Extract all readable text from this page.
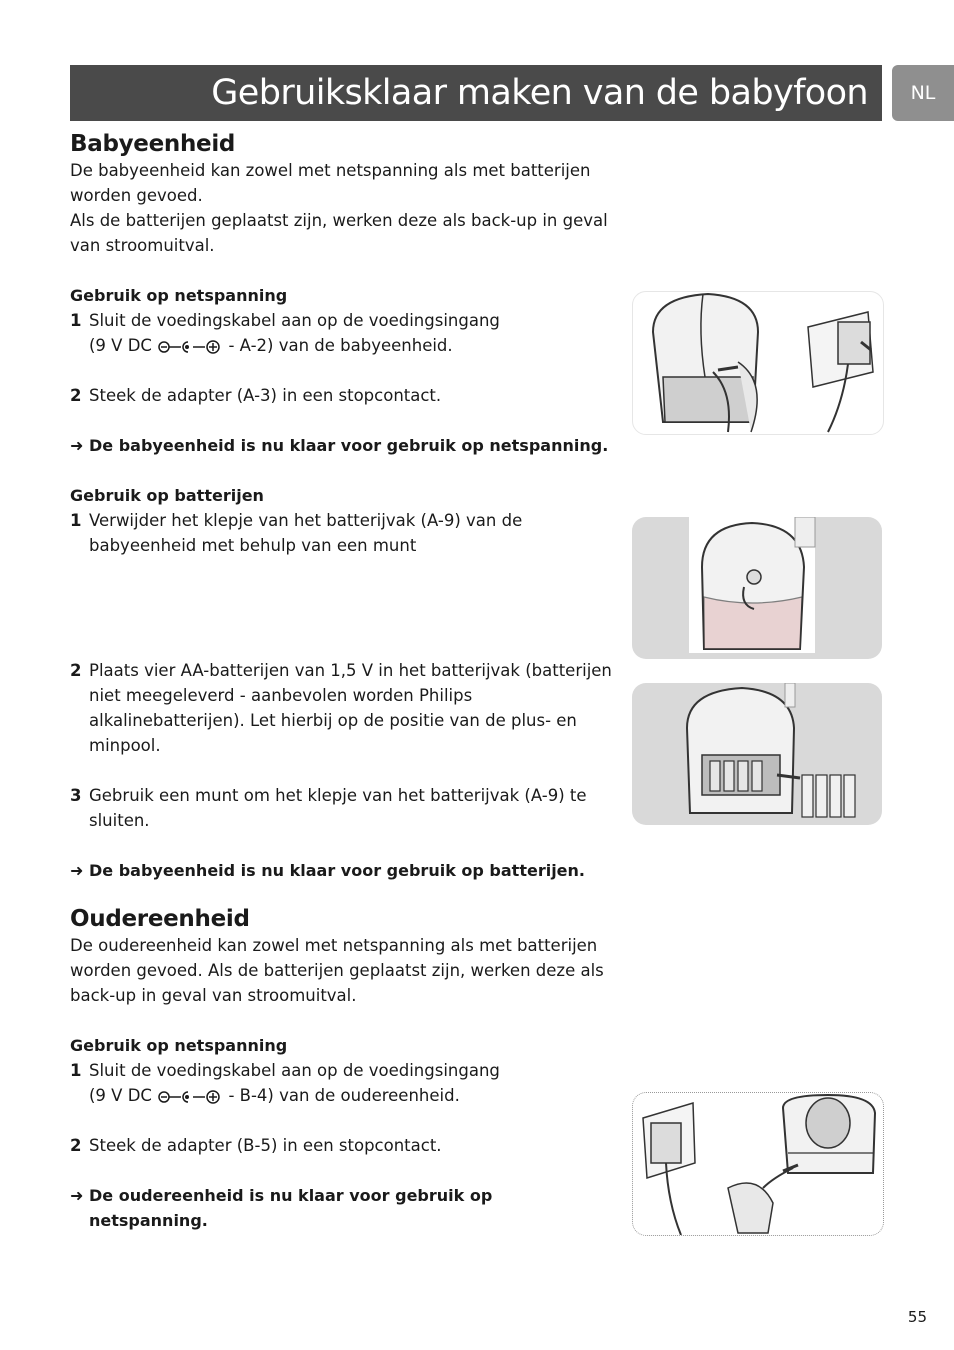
Gebruiksklaar maken van de babyfoon	NL
Babyeenheid

De babyeenheid kan zowel met netspanning als met batterijen worden gevoed.

Als de batterijen geplaatst zijn, werken deze als back-up in geval van stroomuitval.

Gebruik op netspanning

1 Sluit de voedingskabel aan op de voedingsingang
(9 V DC	- A-2) van de babyeenheid.
2 Steek de adapter (A-3) in een stopcontact.
➜ De babyeenheid is nu klaar voor gebruik op netspanning.

Gebruik op batterijen

1 Verwijder het klepje van het batterijvak (A-9) van de babyeenheid met behulp van een munt
2 Plaats vier AA-batterijen van 1,5 V in het batterijvak (batterijen niet meegeleverd - aanbevolen worden Philips alkalinebatterijen). Let hierbij op de positie van de plus- en minpool.
3 Gebruik een munt om het klepje van het batterijvak (A-9) te sluiten.
➜ De babyeenheid is nu klaar voor gebruik op batterijen.
Oudereenheid

De oudereenheid kan zowel met netspanning als met batterijen worden gevoed. Als de batterijen geplaatst zijn, werken deze als back-up in geval van stroomuitval.

Gebruik op netspanning

1 Sluit de voedingskabel aan op de voedingsingang
(9 V DC	- B-4) van de oudereenheid.
2 Steek de adapter (B-5) in een stopcontact.
➜ De oudereenheid is nu klaar voor gebruik op netspanning.
55
